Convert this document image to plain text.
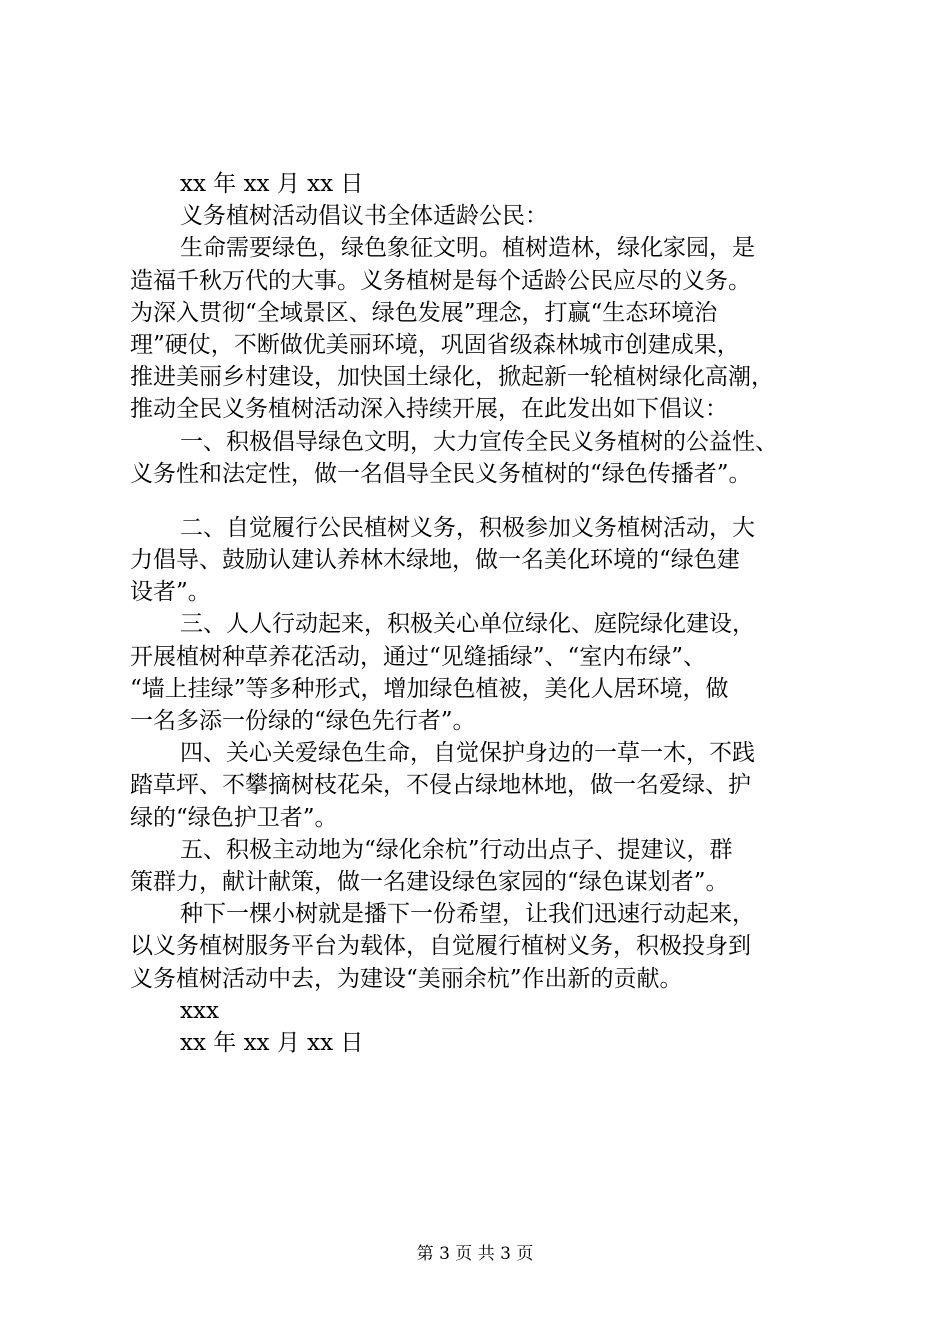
xx 年 xx 月 xx 日
义务植树活动倡议书全体适龄公民：
生命需要绿色，绿色象征文明。植树造林，绿化家园，是
造福千秋万代的大事。义务植树是每个适龄公民应尽的义务。
为深入贯彻“全域景区、绿色发展”理念，打赢“生态环境治
理”硬仗，不断做优美丽环境，巩固省级森林城市创建成果，
推进美丽乡村建设，加快国土绿化，掀起新一轮植树绿化高潮，
推动全民义务植树活动深入持续开展，在此发出如下倡议：
一、积极倡导绿色文明，大力宣传全民义务植树的公益性、
义务性和法定性，做一名倡导全民义务植树的“绿色传播者”。
二、自觉履行公民植树义务，积极参加义务植树活动，大
力倡导、鼓励认建认养林木绿地，做一名美化环境的“绿色建
设者”。
三、人人行动起来，积极关心单位绿化、庭院绿化建设，
开展植树种草养花活动，通过“见缝插绿”、“室内布绿”、
“墙上挂绿”等多种形式，增加绿色植被，美化人居环境，做
一名多添一份绿的“绿色先行者”。
四、关心关爱绿色生命，自觉保护身边的一草一木，不践
踏草坪、不攀摘树枝花朵，不侵占绿地林地，做一名爱绿、护
绿的“绿色护卫者”。
五、积极主动地为“绿化余杭”行动出点子、提建议，群
策群力，献计献策，做一名建设绿色家园的“绿色谋划者”。
种下一棵小树就是播下一份希望，让我们迅速行动起来，
以义务植树服务平台为载体，自觉履行植树义务，积极投身到
义务植树活动中去，为建设“美丽余杭”作出新的贡献。
xxx
xx 年 xx 月 xx 日
第 3 页 共 3 页
